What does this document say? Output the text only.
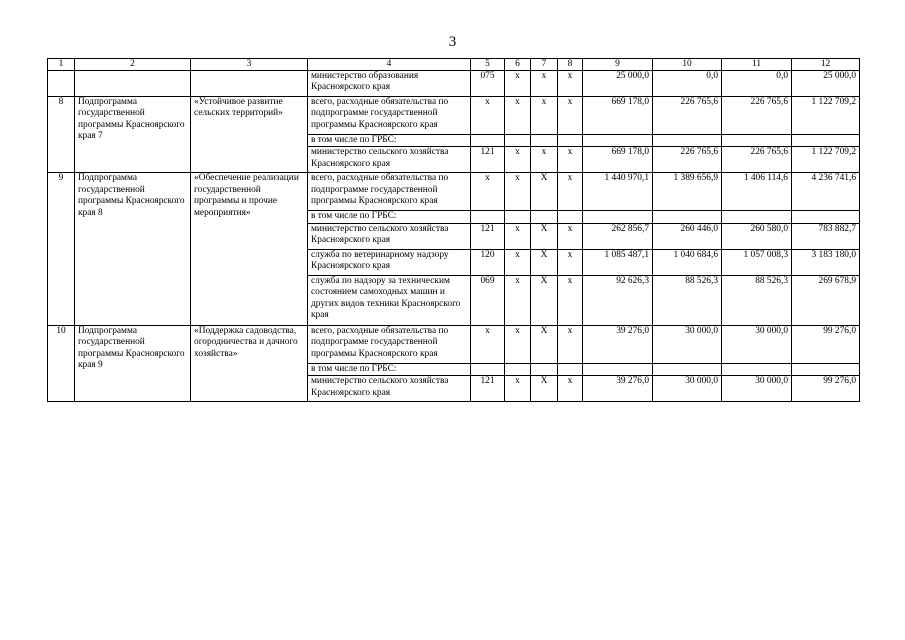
3
1	2	3	4	5	6	7	8	9	10	11	12
			министерство образования Красноярского края	075	х	х	х	25 000,0	0,0	0,0	25 000,0
8	Подпрограмма государственной программы Красноярского края 7	«Устойчивое развитие сельских территорий»	всего, расходные обязательства по подпрограмме государственной программы Красноярского края	х	х	х	х	669 178,0	226 765,6	226 765,6	1 122 709,2
			в том числе по ГРБС:								
			министерство сельского хозяйства Красноярского края	121	х	х	х	669 178,0	226 765,6	226 765,6	1 122 709,2
9	Подпрограмма государственной программы Красноярского края 8	«Обеспечение реализации государственной программы и прочие мероприятия»	всего, расходные обязательства по подпрограмме государственной программы Красноярского края	х	х	Х	х	1 440 970,1	1 389 656,9	1 406 114,6	4 236 741,6
			в том числе по ГРБС:								
			министерство сельского хозяйства Красноярского края	121	х	Х	х	262 856,7	260 446,0	260 580,0	783 882,7
			служба по ветеринарному надзору Красноярского края	120	х	Х	х	1 085 487,1	1 040 684,6	1 057 008,3	3 183 180,0
			служба по надзору за техническим состоянием самоходных машин и других видов техники Красноярского края	069	х	Х	х	92 626,3	88 526,3	88 526,3	269 678,9
10	Подпрограмма государственной программы Красноярского края 9	«Поддержка садоводства, огородничества и дачного хозяйства»	всего, расходные обязательства по подпрограмме государственной программы Красноярского края	х	х	Х	х	39 276,0	30 000,0	30 000,0	99 276,0
			в том числе по ГРБС:								
			министерство сельского хозяйства Красноярского края	121	х	Х	х	39 276,0	30 000,0	30 000,0	99 276,0
